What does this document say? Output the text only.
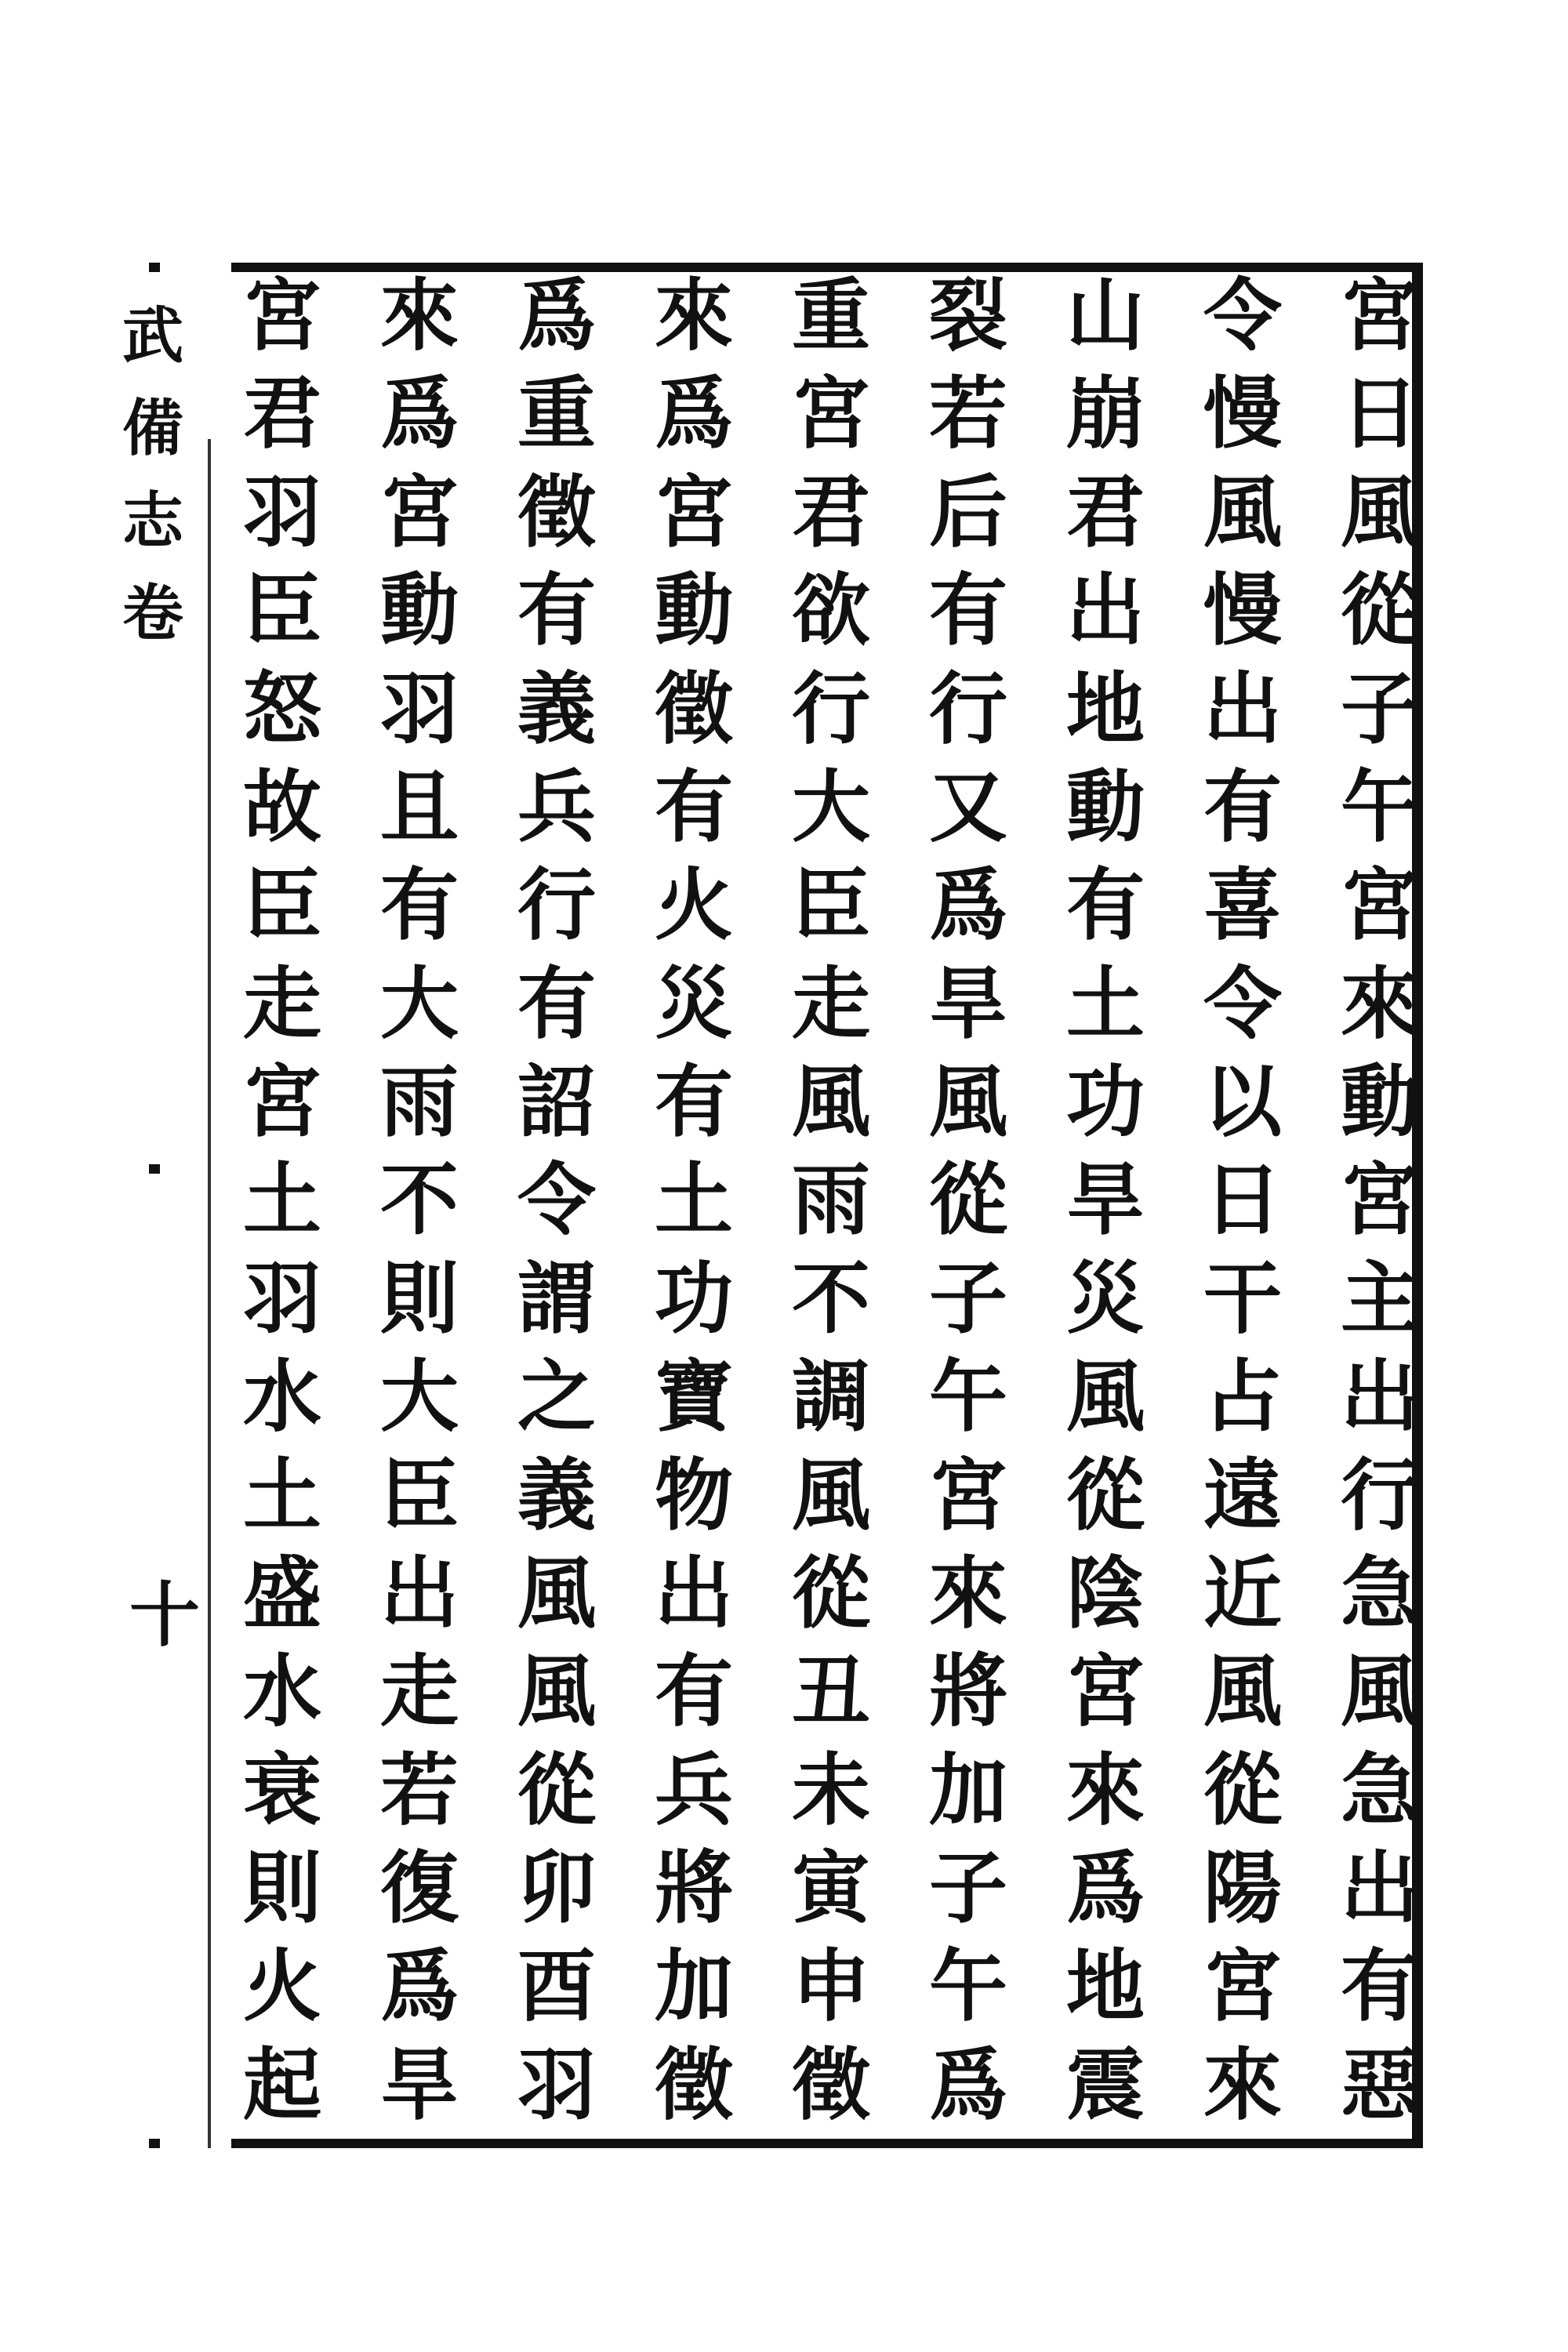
武
備
志
卷
十
宮
日
風
從
子
午
宮
來
動
宮
主
出
行
急
風
急
出
有
惡
令
慢
風
慢
出
有
喜
令
以
日
干
占
遠
近
風
從
陽
宮
來
山
崩
君
出
地
動
有
土
功
旱
災
風
從
陰
宮
來
爲
地
震
裂
若
后
有
行
又
爲
旱
風
從
子
午
宮
來
將
加
子
午
爲
重
宮
君
欲
行
大
臣
走
風
雨
不
調
風
從
丑
未
寅
申
徵
來
爲
宮
動
徵
有
火
災
有
土
功
寶
物
出
有
兵
將
加
徵
爲
重
徵
有
義
兵
行
有
詔
令
謂
之
義
風
風
從
卯
酉
羽
來
爲
宮
動
羽
且
有
大
雨
不
則
大
臣
出
走
若
復
爲
旱
宮
君
羽
臣
怒
故
臣
走
宮
土
羽
水
土
盛
水
衰
則
火
起
